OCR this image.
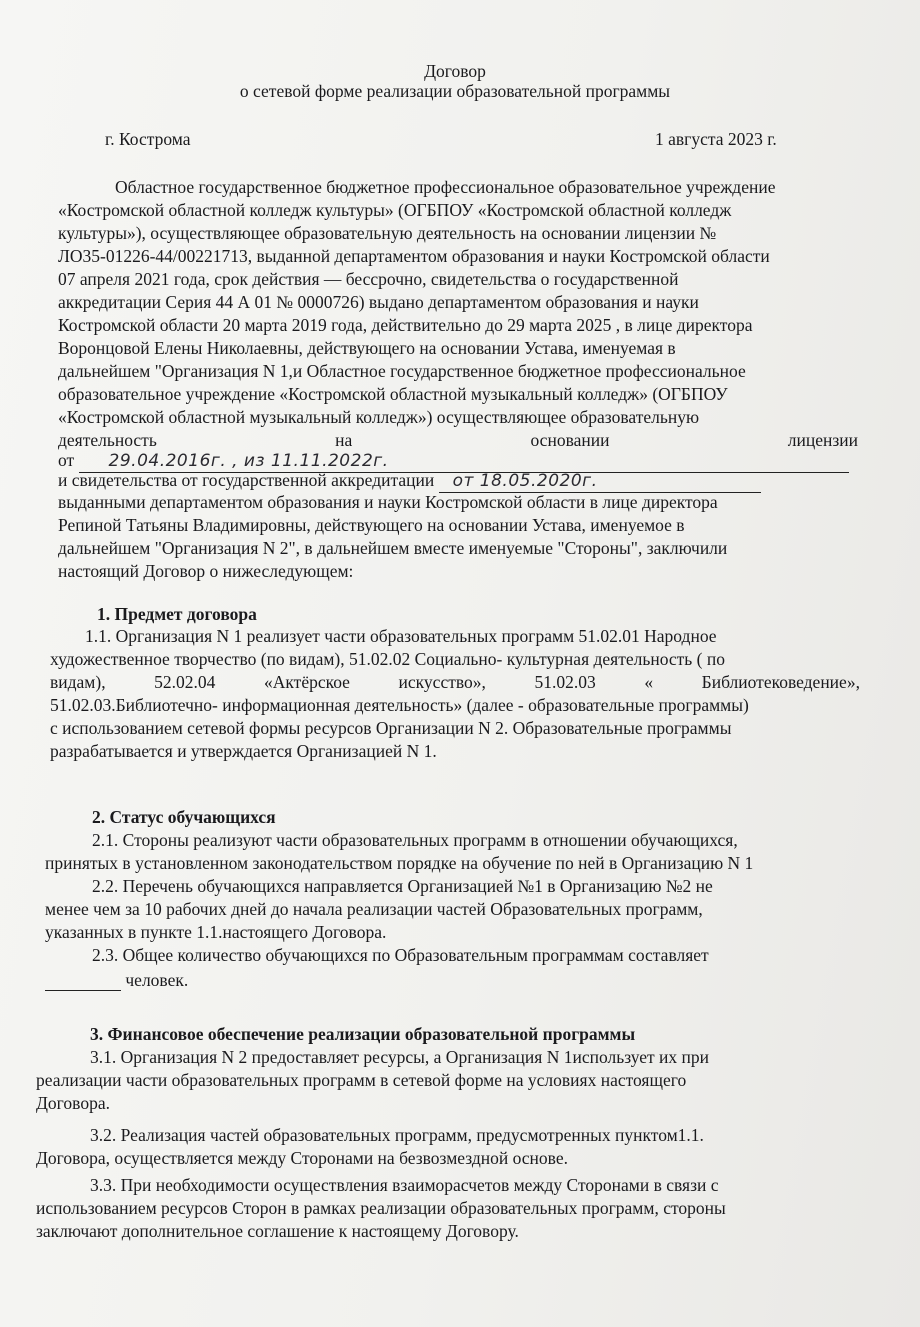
Договор
о сетевой форме реализации образовательной программы
г. Кострома	1 августа 2023 г.
Областное государственное бюджетное профессиональное образовательное учреждение
«Костромской областной колледж культуры» (ОГБПОУ «Костромской областной колледж
культуры»), осуществляющее образовательную деятельность на основании лицензии №
ЛО35-01226-44/00221713, выданной департаментом образования и науки Костромской области
07 апреля 2021 года, срок действия — бессрочно, свидетельства о государственной
аккредитации Серия 44 А 01 № 0000726) выдано департаментом образования и науки
Костромской области 20 марта 2019 года, действительно до 29 марта 2025 , в лице директора
Воронцовой Елены Николаевны, действующего на основании Устава, именуемая в
дальнейшем "Организация N 1,и Областное государственное бюджетное профессиональное
образовательное учреждение «Костромской областной музыкальный колледж» (ОГБПОУ
«Костромской областной музыкальный колледж») осуществляющее образовательную
деятельность	на	основании	лицензии
от 29.04.2016г. , из 11.11.2022г.
и свидетельства от государственной аккредитации от 18.05.2020г.
выданными департаментом образования и науки Костромской области в лице директора
Репиной Татьяны Владимировны, действующего на основании Устава, именуемое в
дальнейшем "Организация N 2", в дальнейшем вместе именуемые "Стороны", заключили
настоящий Договор о нижеследующем:
1. Предмет договора
1.1. Организация N 1 реализует части образовательных программ 51.02.01 Народное
художественное творчество (по видам), 51.02.02 Социально- культурная деятельность ( по
видам),	52.02.04	«Актёрское	искусство»,	51.02.03	«	Библиотековедение»,
51.02.03.Библиотечно- информационная деятельность» (далее - образовательные программы)
с использованием сетевой формы ресурсов Организации N 2. Образовательные программы
разрабатывается и утверждается Организацией N 1.
2. Статус обучающихся
2.1. Стороны реализуют части образовательных программ в отношении обучающихся,
принятых в установленном законодательством порядке на обучение по ней в Организацию N 1
2.2. Перечень обучающихся направляется Организацией №1 в Организацию №2 не
менее чем за 10 рабочих дней до начала реализации частей Образовательных программ,
указанных в пункте 1.1.настоящего Договора.
2.3. Общее количество обучающихся по Образовательным программам составляет
человек.
3. Финансовое обеспечение реализации образовательной программы
3.1. Организация N 2 предоставляет ресурсы, а Организация N 1использует их при
реализации части образовательных программ в сетевой форме на условиях настоящего
Договора.
3.2. Реализация частей образовательных программ, предусмотренных пунктом1.1.
Договора, осуществляется между Сторонами на безвозмездной основе.
3.3. При необходимости осуществления взаиморасчетов между Сторонами в связи с
использованием ресурсов Сторон в рамках реализации образовательных программ, стороны
заключают дополнительное соглашение к настоящему Договору.
